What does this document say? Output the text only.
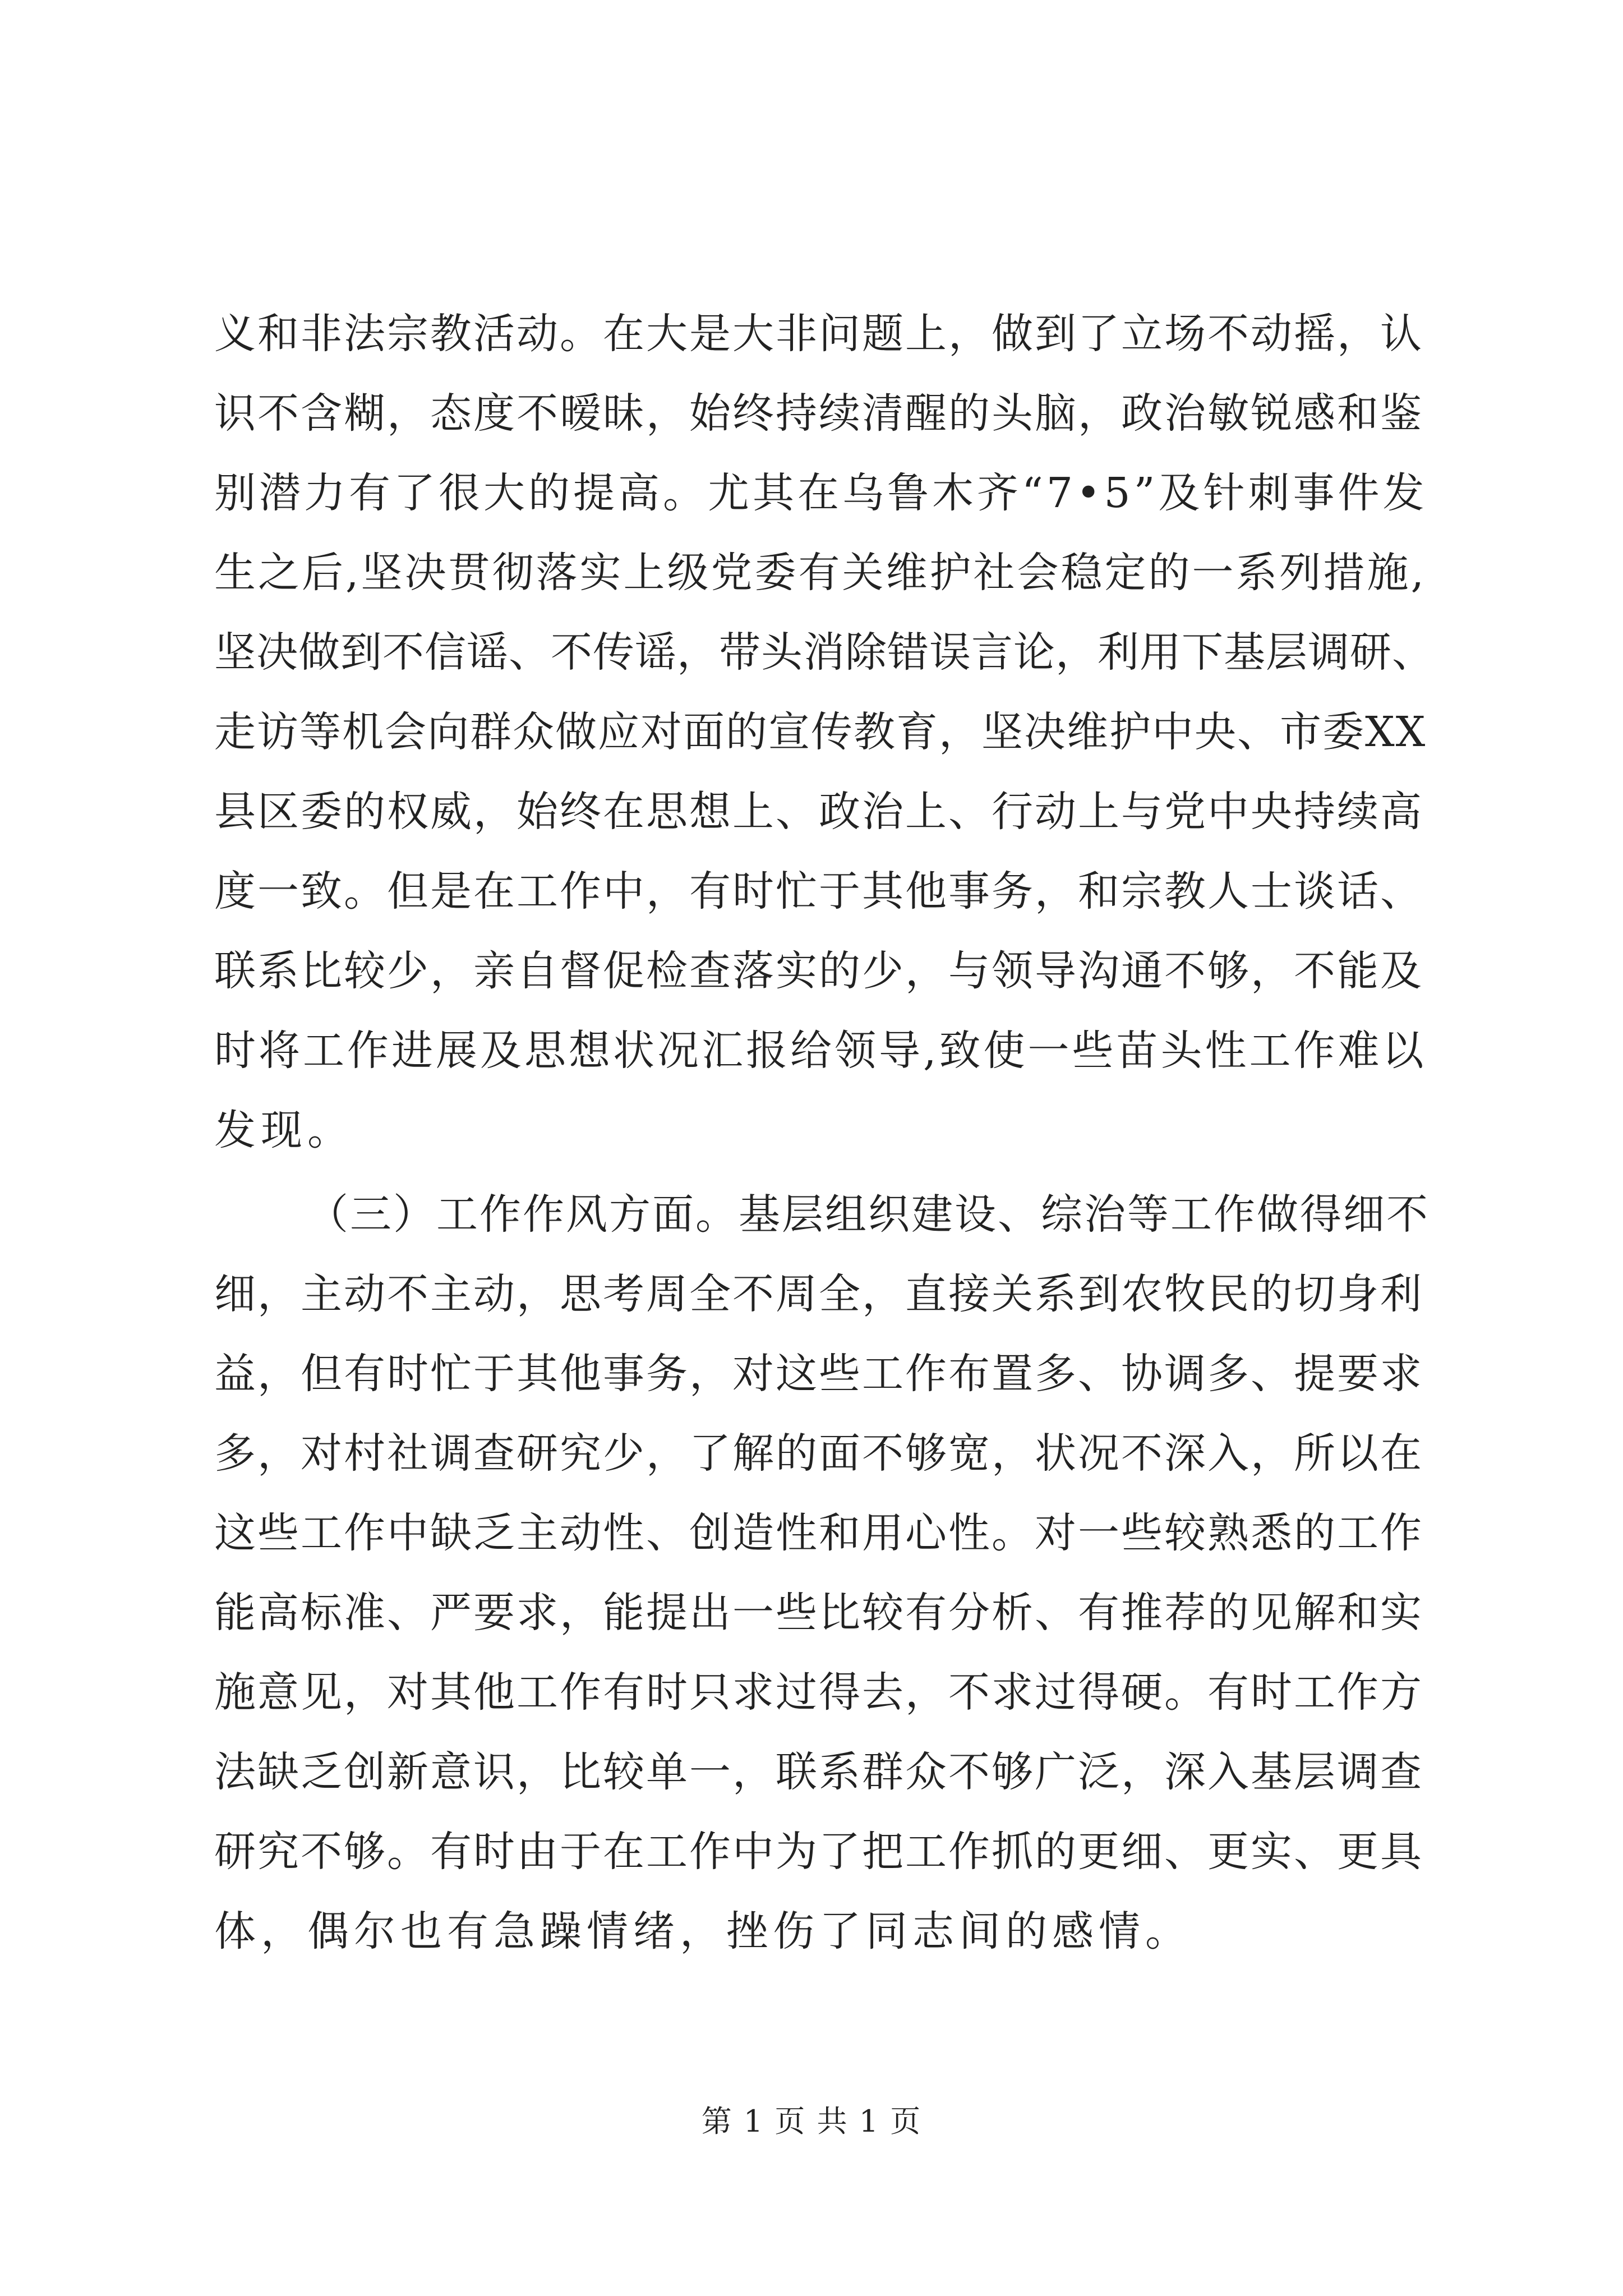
义和非法宗教活动。在大是大非问题上，做到了立场不动摇，认
识不含糊，态度不暧昧，始终持续清醒的头脑，政治敏锐感和鉴
别潜力有了很大的提高。尤其在乌鲁木齐“7•5”及针刺事件发
生之后,坚决贯彻落实上级党委有关维护社会稳定的一系列措施,
坚决做到不信谣、不传谣，带头消除错误言论，利用下基层调研、
走访等机会向群众做应对面的宣传教育，坚决维护中央、市委XX
县区委的权威，始终在思想上、政治上、行动上与党中央持续高
度一致。但是在工作中，有时忙于其他事务，和宗教人士谈话、
联系比较少，亲自督促检查落实的少，与领导沟通不够，不能及
时将工作进展及思想状况汇报给领导,致使一些苗头性工作难以
发现。
（三）工作作风方面。基层组织建设、综治等工作做得细不
细，主动不主动，思考周全不周全，直接关系到农牧民的切身利
益，但有时忙于其他事务，对这些工作布置多、协调多、提要求
多，对村社调查研究少，了解的面不够宽，状况不深入，所以在
这些工作中缺乏主动性、创造性和用心性。对一些较熟悉的工作
能高标准、严要求，能提出一些比较有分析、有推荐的见解和实
施意见，对其他工作有时只求过得去，不求过得硬。有时工作方
法缺乏创新意识，比较单一，联系群众不够广泛，深入基层调查
研究不够。有时由于在工作中为了把工作抓的更细、更实、更具
体，偶尔也有急躁情绪，挫伤了同志间的感情。
第 1 页 共 1 页
